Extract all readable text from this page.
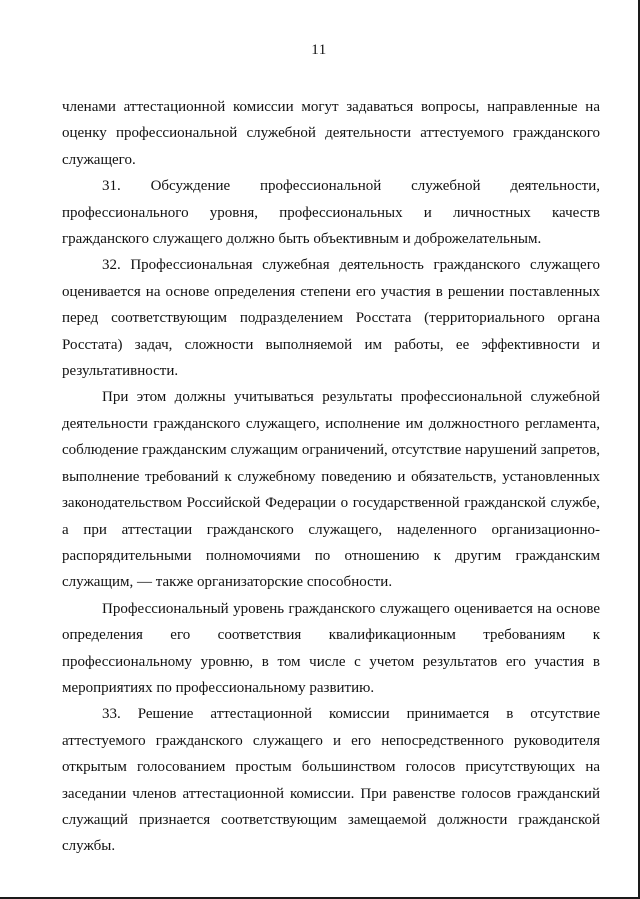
11

членами аттестационной комиссии могут задаваться вопросы, направленные на оценку профессиональной служебной деятельности аттестуемого гражданского служащего.

31. Обсуждение профессиональной служебной деятельности, профессионального уровня, профессиональных и личностных качеств гражданского служащего должно быть объективным и доброжелательным.

32. Профессиональная служебная деятельность гражданского служащего оценивается на основе определения степени его участия в решении поставленных перед соответствующим подразделением Росстата (территориального органа Росстата) задач, сложности выполняемой им работы, ее эффективности и результативности.

При этом должны учитываться результаты профессиональной служебной деятельности гражданского служащего, исполнение им должностного регламента, соблюдение гражданским служащим ограничений, отсутствие нарушений запретов, выполнение требований к служебному поведению и обязательств, установленных законодательством Российской Федерации о государственной гражданской службе, а при аттестации гражданского служащего, наделенного организационно-распорядительными полномочиями по отношению к другим гражданским служащим, — также организаторские способности.

Профессиональный уровень гражданского служащего оценивается на основе определения его соответствия квалификационным требованиям к профессиональному уровню, в том числе с учетом результатов его участия в мероприятиях по профессиональному развитию.

33. Решение аттестационной комиссии принимается в отсутствие аттестуемого гражданского служащего и его непосредственного руководителя открытым голосованием простым большинством голосов присутствующих на заседании членов аттестационной комиссии. При равенстве голосов гражданский служащий признается соответствующим замещаемой должности гражданской службы.
